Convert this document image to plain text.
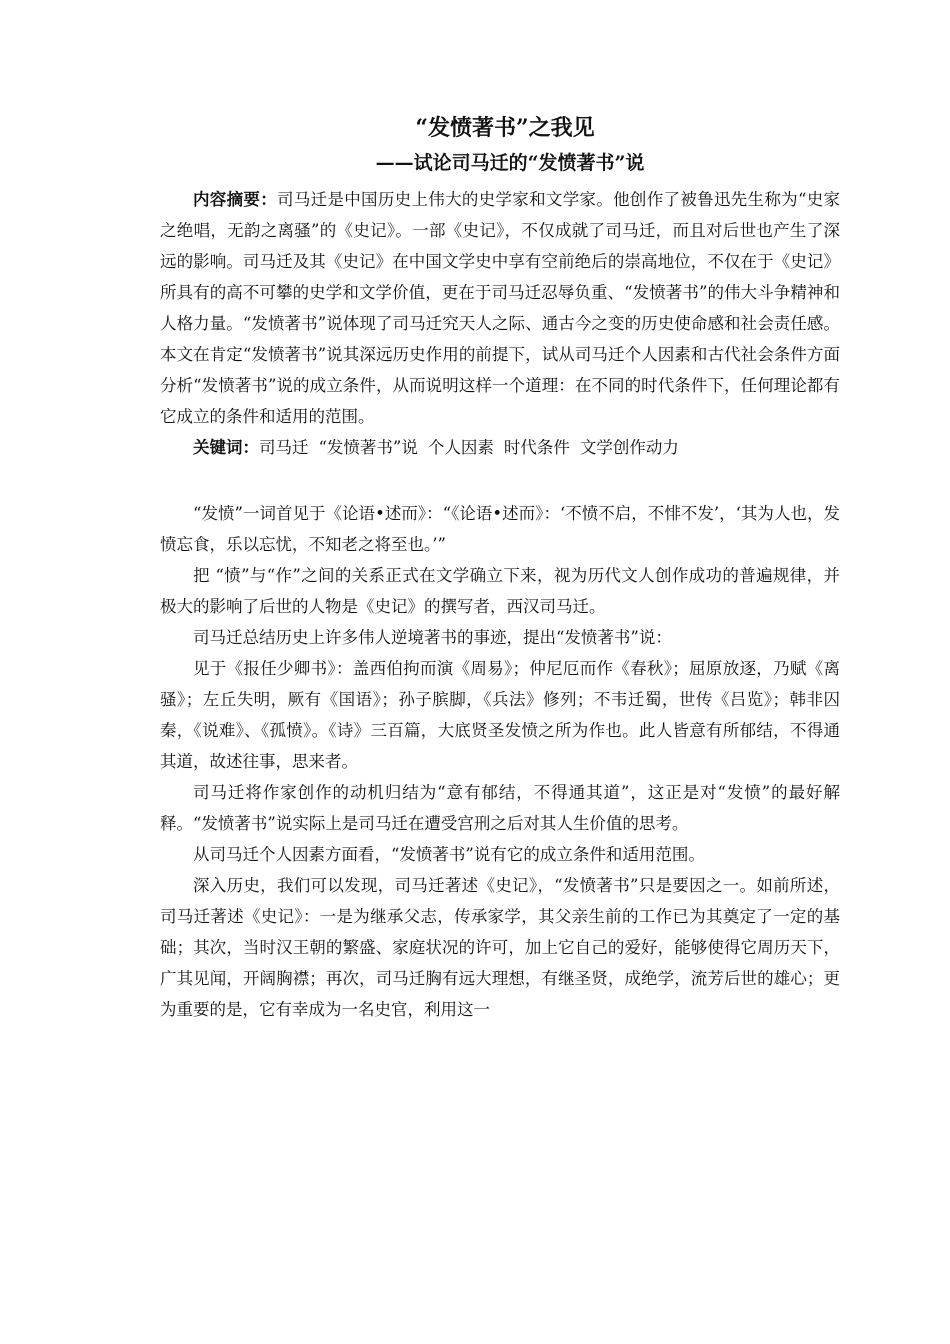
“发愤著书”之我见
——试论司马迁的“发愤著书”说

内容摘要：司马迁是中国历史上伟大的史学家和文学家。他创作了被鲁迅先生称为“史家之绝唱，无韵之离骚”的《史记》。一部《史记》，不仅成就了司马迁，而且对后世也产生了深远的影响。司马迁及其《史记》在中国文学史中享有空前绝后的崇高地位，不仅在于《史记》所具有的高不可攀的史学和文学价值，更在于司马迁忍辱负重、“发愤著书”的伟大斗争精神和人格力量。“发愤著书”说体现了司马迁究天人之际、通古今之变的历史使命感和社会责任感。本文在肯定“发愤著书”说其深远历史作用的前提下，试从司马迁个人因素和古代社会条件方面分析“发愤著书”说的成立条件，从而说明这样一个道理：在不同的时代条件下，任何理论都有它成立的条件和适用的范围。

关键词：司马迁 “发愤著书”说 个人因素 时代条件 文学创作动力

“发愤”一词首见于《论语•述而》：“《论语•述而》：‘不愤不启，不悱不发’，‘其为人也，发愤忘食，乐以忘忧，不知老之将至也。’”

把 “愤”与“作”之间的关系正式在文学确立下来，视为历代文人创作成功的普遍规律，并极大的影响了后世的人物是《史记》的撰写者，西汉司马迁。

司马迁总结历史上许多伟人逆境著书的事迹，提出“发愤著书”说：

见于《报任少卿书》：盖西伯拘而演《周易》；仲尼厄而作《春秋》；屈原放逐，乃赋《离骚》；左丘失明，厥有《国语》；孙子膑脚，《兵法》修列；不韦迁蜀，世传《吕览》；韩非囚秦，《说难》、《孤愤》。《诗》三百篇，大底贤圣发愤之所为作也。此人皆意有所郁结，不得通其道，故述往事，思来者。

司马迁将作家创作的动机归结为“意有郁结，不得通其道”，这正是对“发愤”的最好解释。“发愤著书”说实际上是司马迁在遭受宫刑之后对其人生价值的思考。

从司马迁个人因素方面看，“发愤著书”说有它的成立条件和适用范围。

深入历史，我们可以发现，司马迁著述《史记》，“发愤著书”只是要因之一。如前所述，司马迁著述《史记》：一是为继承父志，传承家学，其父亲生前的工作已为其奠定了一定的基础；其次，当时汉王朝的繁盛、家庭状况的许可，加上它自己的爱好，能够使得它周历天下，广其见闻，开阔胸襟；再次，司马迁胸有远大理想，有继圣贤，成绝学，流芳后世的雄心；更为重要的是，它有幸成为一名史官，利用这一
